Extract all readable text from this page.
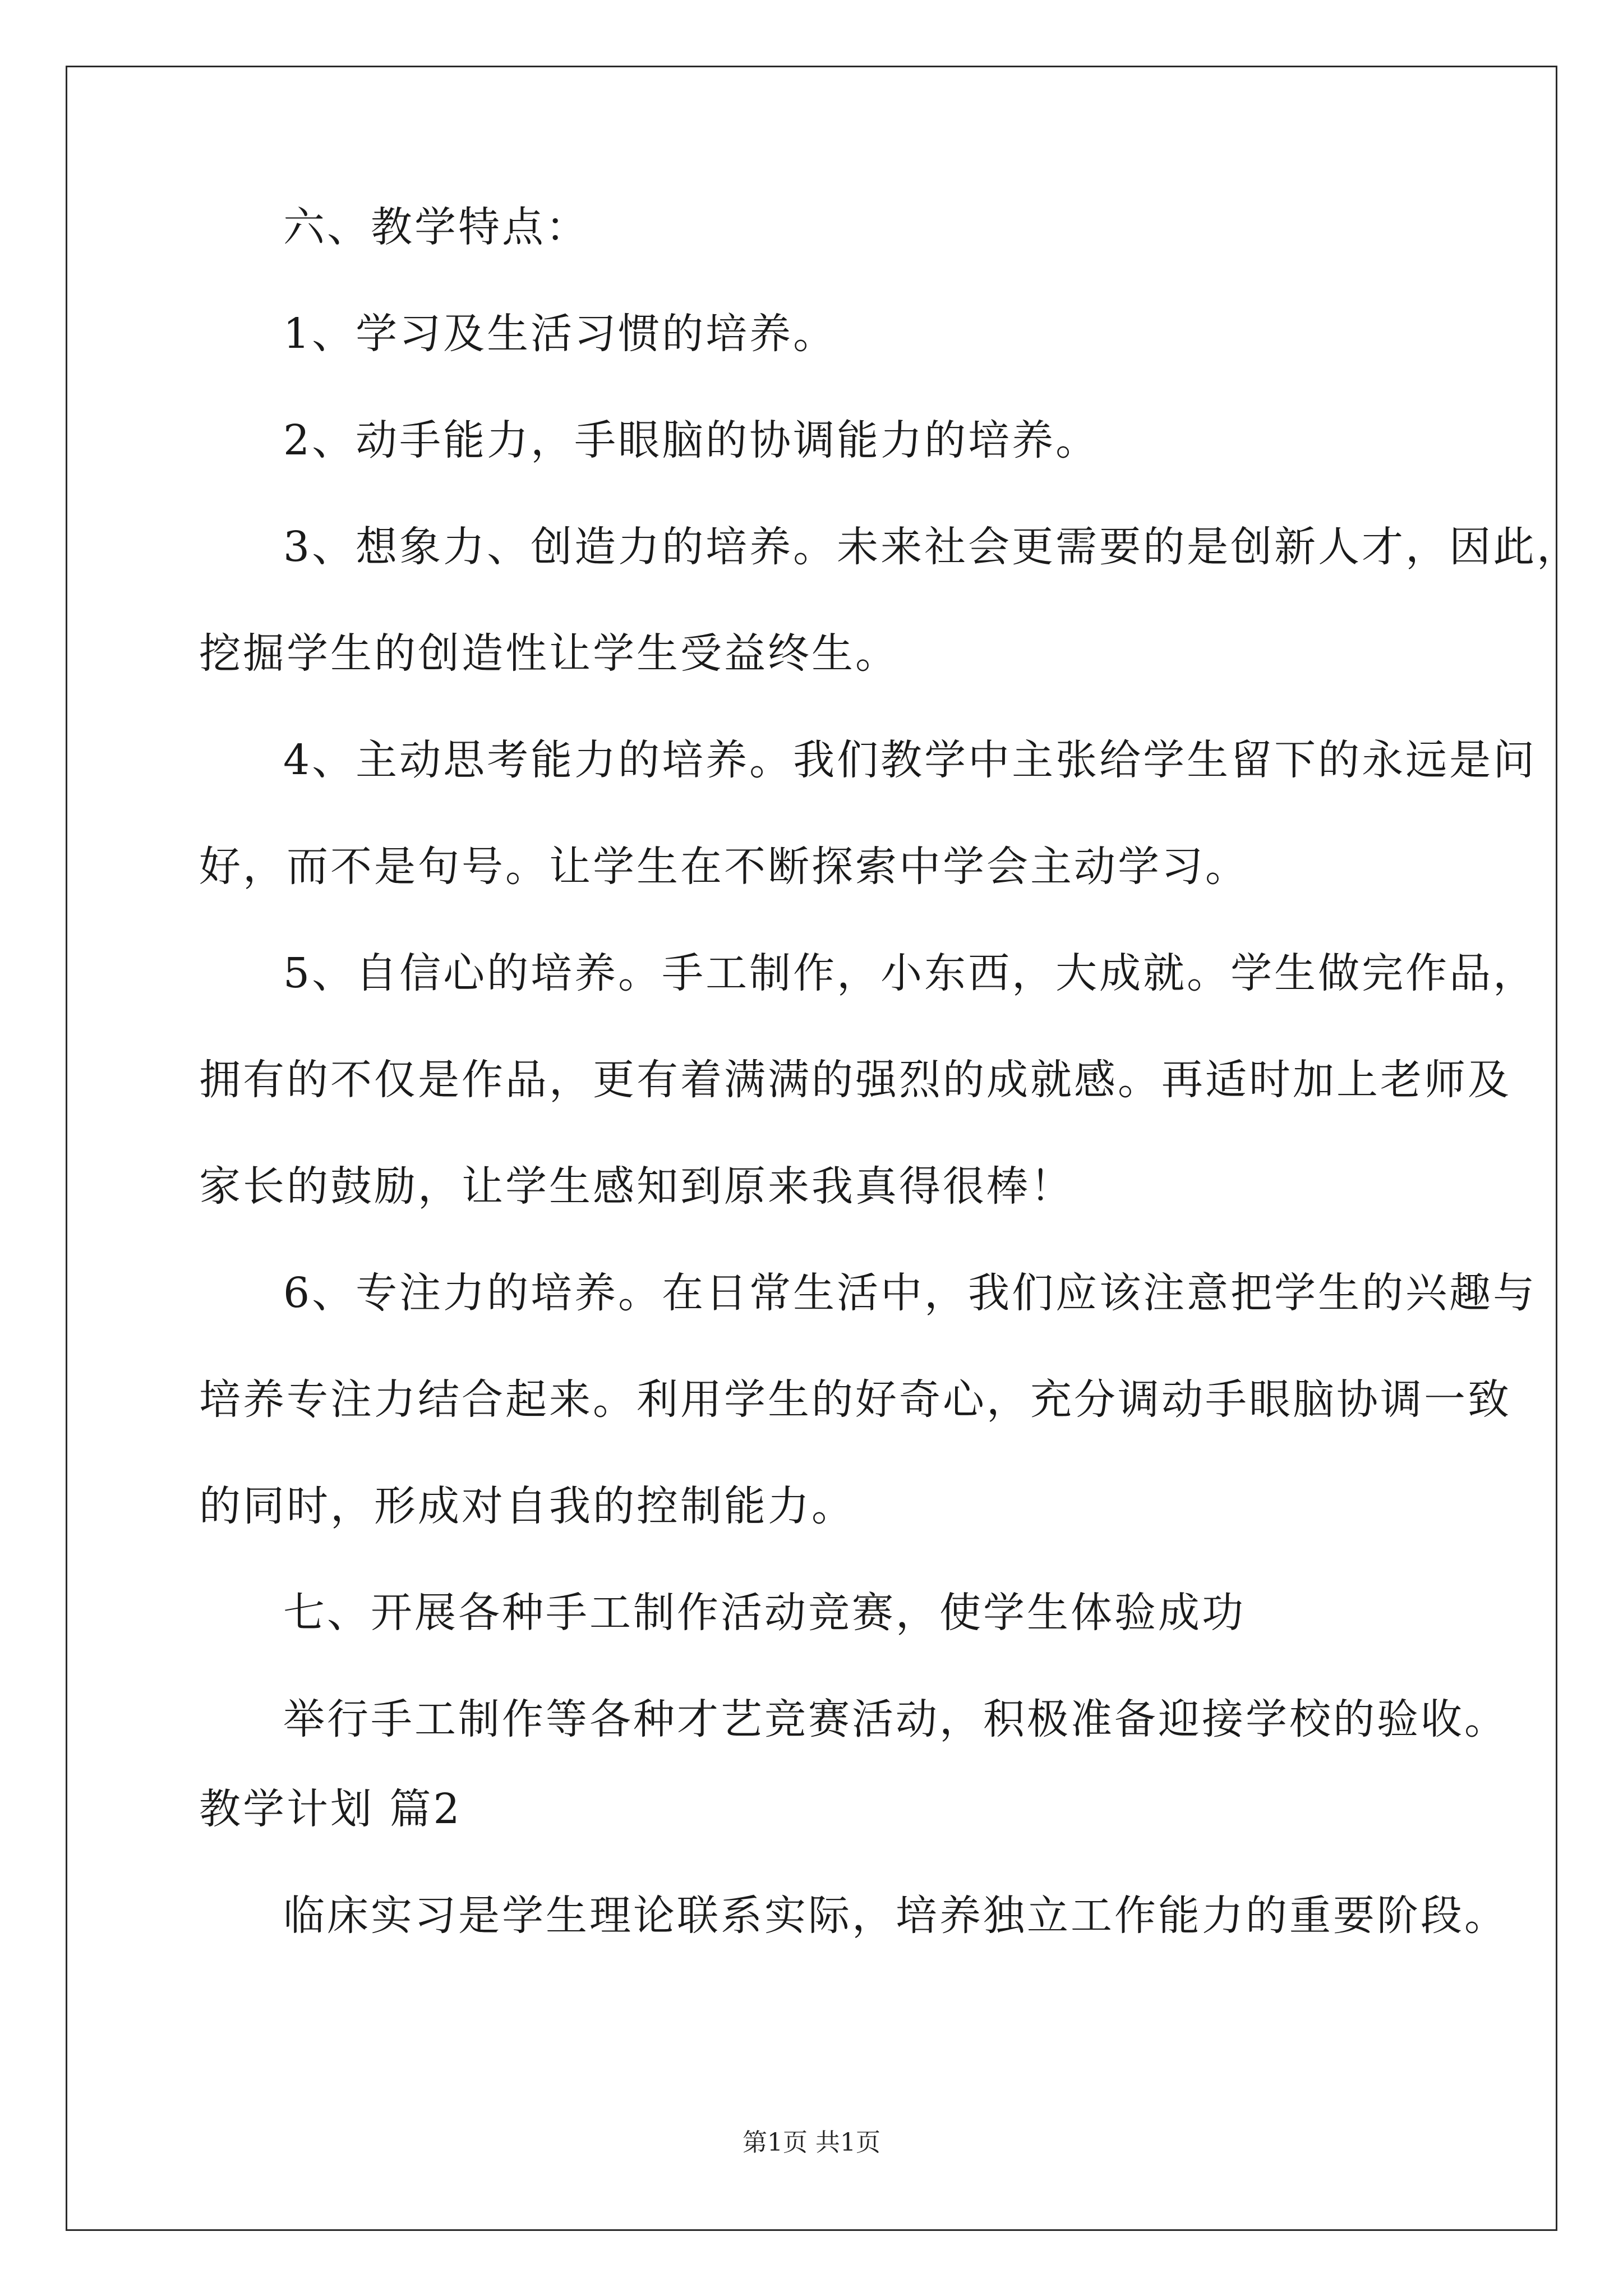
六、教学特点：
1、学习及生活习惯的培养。
2、动手能力，手眼脑的协调能力的培养。
3、想象力、创造力的培养。未来社会更需要的是创新人才，因此，
挖掘学生的创造性让学生受益终生。
4、主动思考能力的培养。我们教学中主张给学生留下的永远是问
好，而不是句号。让学生在不断探索中学会主动学习。
5、自信心的培养。手工制作，小东西，大成就。学生做完作品，
拥有的不仅是作品，更有着满满的强烈的成就感。再适时加上老师及
家长的鼓励，让学生感知到原来我真得很棒！
6、专注力的培养。在日常生活中，我们应该注意把学生的兴趣与
培养专注力结合起来。利用学生的好奇心，充分调动手眼脑协调一致
的同时，形成对自我的控制能力。
七、开展各种手工制作活动竞赛，使学生体验成功
举行手工制作等各种才艺竞赛活动，积极准备迎接学校的验收。
教学计划 篇2
临床实习是学生理论联系实际，培养独立工作能力的重要阶段。
第1页 共1页
